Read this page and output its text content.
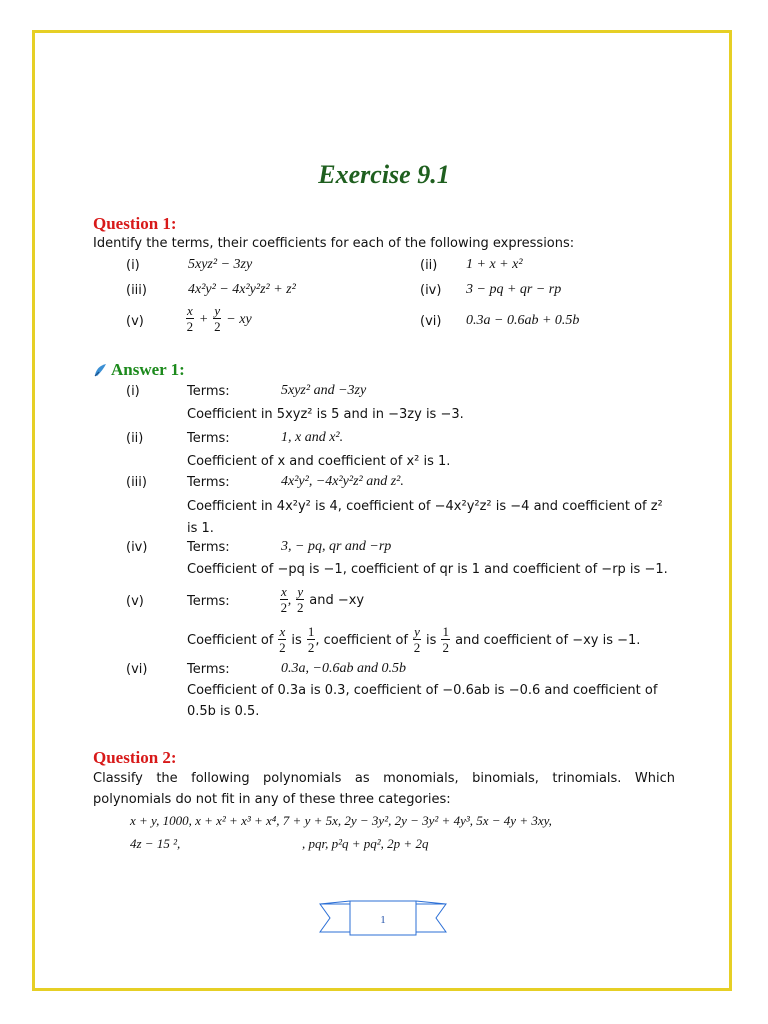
Exercise 9.1
Question 1:
Identify the terms, their coefficients for each of the following expressions:
(i)	5xyz² − 3zy	(ii) 1 + x + x²
(iii)	4x²y² − 4x²y²z² + z²	(iv) 3 − pq + qr − rp
(v)	$\frac{x}{2} + \frac{y}{2}$ − xy	(vi) 0.3a − 0.6ab + 0.5b
Answer 1:
(i)	Terms:	5xyz² and −3zy
Coefficient in 5xyz² is 5 and in −3zy is −3.
(ii)	Terms:	1, x and x².
Coefficient of x and coefficient of x² is 1.
(iii)	Terms:	4x²y², −4x²y²z² and z².
Coefficient in 4x²y² is 4, coefficient of −4x²y²z² is −4 and coefficient of z²
is 1.
(iv)	Terms:	3, − pq, qr and −rp
Coefficient of −pq is −1, coefficient of qr is 1 and coefficient of −rp is −1.
(v)	Terms:	$\frac{x}{2}$ , $\frac{y}{2}$ and −xy
Coefficient of $\frac{x}{2}$ is $\frac{1}{2}$ , coefficient of $\frac{y}{2}$ is $\frac{1}{2}$ and coefficient of −xy is −1.
(vi)	Terms:	0.3a, −0.6ab and 0.5b
Coefficient of 0.3a is 0.3, coefficient of −0.6ab is −0.6 and coefficient of
0.5b is 0.5.
Question 2:
Classify the following polynomials as monomials, binomials, trinomials. Which
polynomials do not fit in any of these three categories:
x + y, 1000, x + x² + x³ + x⁴, 7 + y + 5x, 2y − 3y², 2y − 3y² + 4y³, 5x − 4y + 3xy,
4z − 15 ²,	, pqr, p²q + pq², 2p + 2q
1
